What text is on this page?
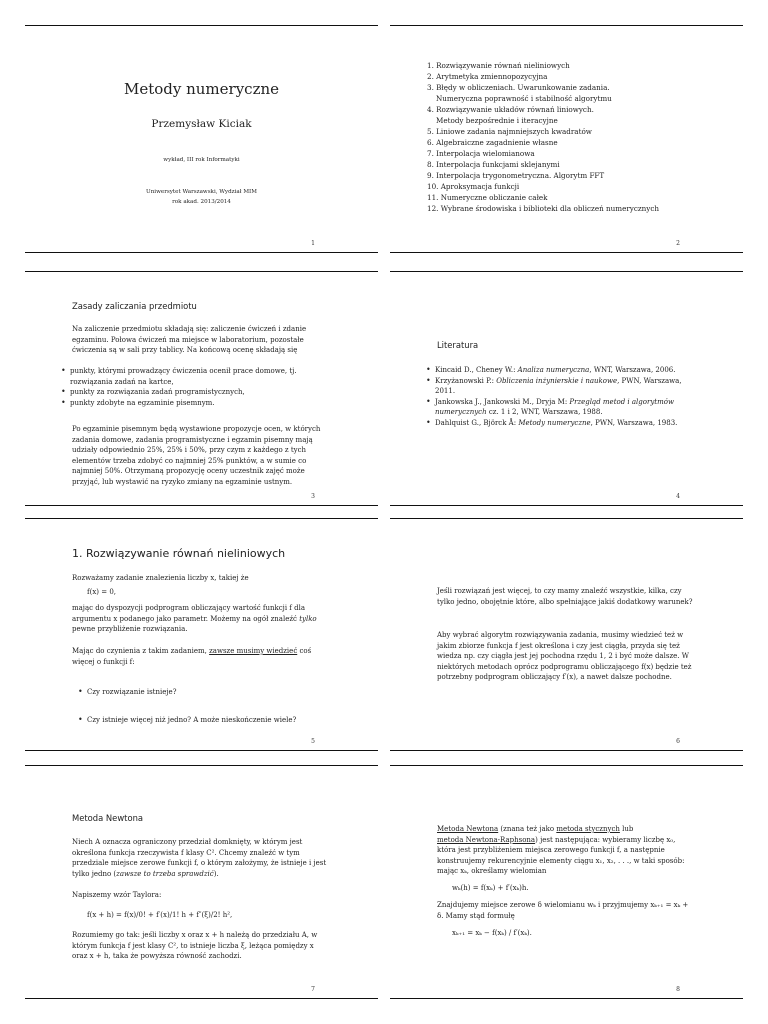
Metody numeryczne
Przemysław Kiciak
wykład, III rok Informatyki
Uniwersytet Warszawski, Wydział MIM
rok akad. 2013/2014
1
1. Rozwiązywanie równań nieliniowych
2. Arytmetyka zmiennopozycyjna
3. Błędy w obliczeniach. Uwarunkowanie zadania.
Numeryczna poprawność i stabilność algorytmu
4. Rozwiązywanie układów równań liniowych.
Metody bezpośrednie i iteracyjne
5. Liniowe zadania najmniejszych kwadratów
6. Algebraiczne zagadnienie własne
7. Interpolacja wielomianowa
8. Interpolacja funkcjami sklejanymi
9. Interpolacja trygonometryczna. Algorytm FFT
10. Aproksymacja funkcji
11. Numeryczne obliczanie całek
12. Wybrane środowiska i biblioteki dla obliczeń numerycznych
2
Zasady zaliczania przedmiotu

Na zaliczenie przedmiotu składają się: zaliczenie ćwiczeń i zdanie egzaminu. Połowa ćwiczeń ma miejsce w laboratorium, pozostałe ćwiczenia są w sali przy tablicy. Na końcową ocenę składają się

• punkty, którymi prowadzący ćwiczenia ocenił prace domowe, tj. rozwiązania zadań na kartce,
• punkty za rozwiązania zadań programistycznych,
• punkty zdobyte na egzaminie pisemnym.

Po egzaminie pisemnym będą wystawione propozycje ocen, w których zadania domowe, zadania programistyczne i egzamin pisemny mają udziały odpowiednio 25%, 25% i 50%, przy czym z każdego z tych elementów trzeba zdobyć co najmniej 25% punktów, a w sumie co najmniej 50%. Otrzymaną propozycję oceny uczestnik zajęć może przyjąć, lub wystawić na ryzyko zmiany na egzaminie ustnym.

3
Literatura
• Kincaid D., Cheney W.: Analiza numeryczna, WNT, Warszawa, 2006.
• Krzyżanowski P.: Obliczenia inżynierskie i naukowe, PWN, Warszawa, 2011.
• Jankowska J., Jankowski M., Dryja M: Przegląd metod i algorytmów numerycznych cz. 1 i 2, WNT, Warszawa, 1988.
• Dahlquist G., Björck Å: Metody numeryczne, PWN, Warszawa, 1983.
4
1. Rozwiązywanie równań nieliniowych

Rozważamy zadanie znalezienia liczby x, takiej że

f(x) = 0,

mając do dyspozycji podprogram obliczający wartość funkcji f dla argumentu x podanego jako parametr. Możemy na ogół znaleźć tylko pewne przybliżenie rozwiązania.

Mając do czynienia z takim zadaniem, zawsze musimy wiedzieć coś więcej o funkcji f:

• Czy rozwiązanie istnieje?
• Czy istnieje więcej niż jedno? A może nieskończenie wiele?
5

Jeśli rozwiązań jest więcej, to czy mamy znaleźć wszystkie, kilka, czy tylko jedno, obojętnie które, albo spełniające jakiś dodatkowy warunek?

Aby wybrać algorytm rozwiązywania zadania, musimy wiedzieć też w jakim zbiorze funkcja f jest określona i czy jest ciągła, przyda się też wiedza np. czy ciągła jest jej pochodna rzędu 1, 2 i być może dalsze. W niektórych metodach oprócz podprogramu obliczającego f(x) będzie też potrzebny podprogram obliczający f′(x), a nawet dalsze pochodne.

6
Metoda Newtona

Niech A oznacza ograniczony przedział domknięty, w którym jest określona funkcja rzeczywista f klasy C². Chcemy znaleźć w tym przedziale miejsce zerowe funkcji f, o którym założymy, że istnieje i jest tylko jedno (zawsze to trzeba sprawdzić).

Napiszemy wzór Taylora:

f(x + h) = f(x)/0! + f′(x)/1! h + f″(ξ)/2! h²,

Rozumiemy go tak: jeśli liczby x oraz x + h należą do przedziału A, w którym funkcja f jest klasy C², to istnieje liczba ξ, leżąca pomiędzy x oraz x + h, taka że powyższa równość zachodzi.

7

Metoda Newtona (znana też jako metoda stycznych lub
metoda Newtona-Raphsona) jest następująca: wybieramy liczbę x₀, która jest przybliżeniem miejsca zerowego funkcji f, a następnie konstruujemy rekurencyjnie elementy ciągu x₁, x₂, . . ., w taki sposób: mając xₖ, określamy wielomian

wₖ(h) = f(xₖ) + f′(xₖ)h.

Znajdujemy miejsce zerowe δ wielomianu wₖ i przyjmujemy xₖ₊₁ = xₖ + δ. Mamy stąd formułę

xₖ₊₁ = xₖ − f(xₖ) / f′(xₖ).
8
